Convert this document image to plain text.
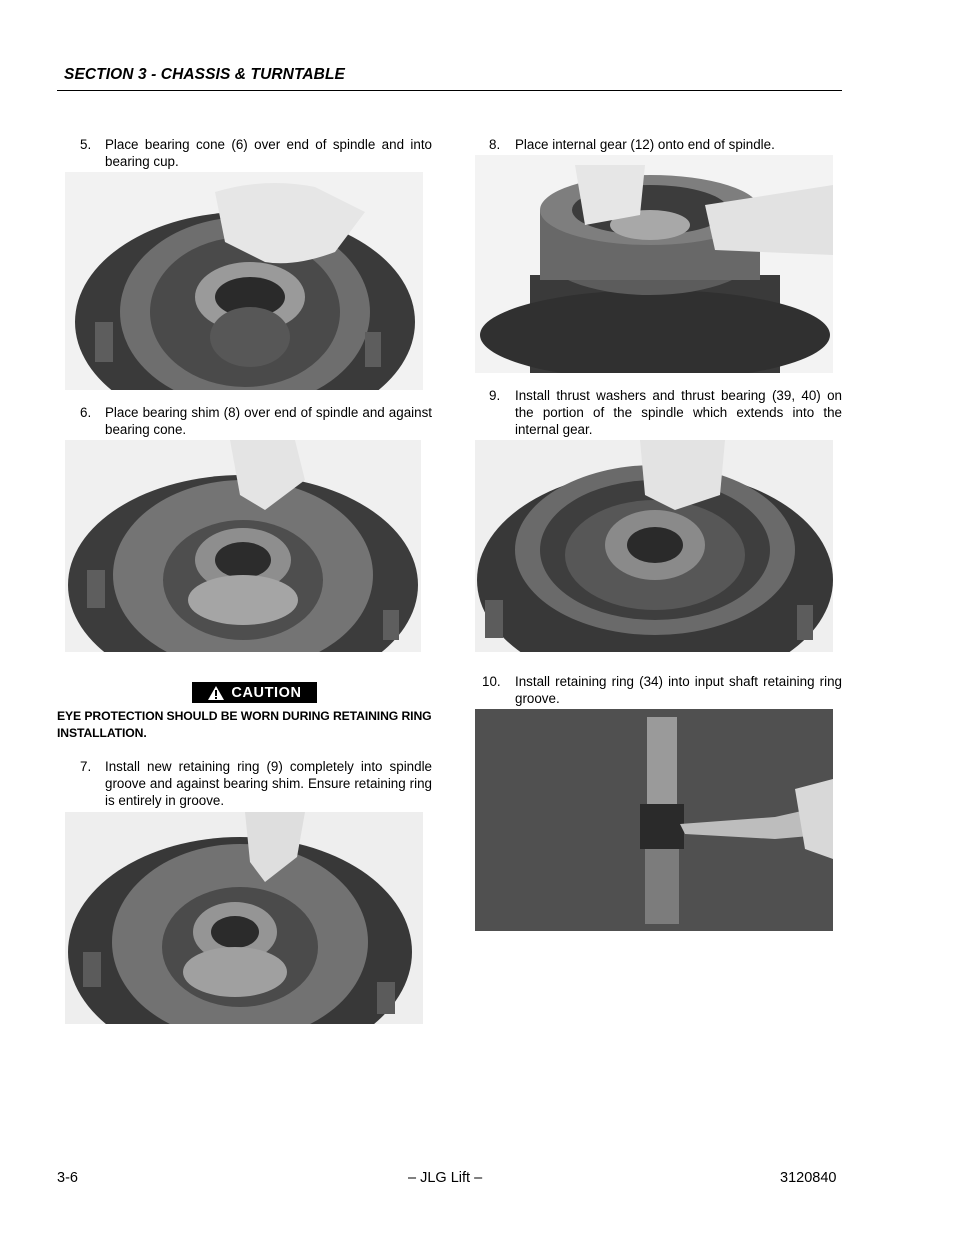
SECTION 3 - CHASSIS & TURNTABLE
5. Place bearing cone (6) over end of spindle and into bearing cup.
6. Place bearing shim (8) over end of spindle and against bearing cone.
CAUTION
EYE PROTECTION SHOULD BE WORN DURING RETAINING RING INSTALLATION.
7. Install new retaining ring (9) completely into spindle groove and against bearing shim. Ensure retaining ring is entirely in groove.
8. Place internal gear (12) onto end of spindle.
9. Install thrust washers and thrust bearing (39, 40) on the portion of the spindle which extends into the internal gear.
10. Install retaining ring (34) into input shaft retaining ring groove.
3-6	– JLG Lift –	3120840
